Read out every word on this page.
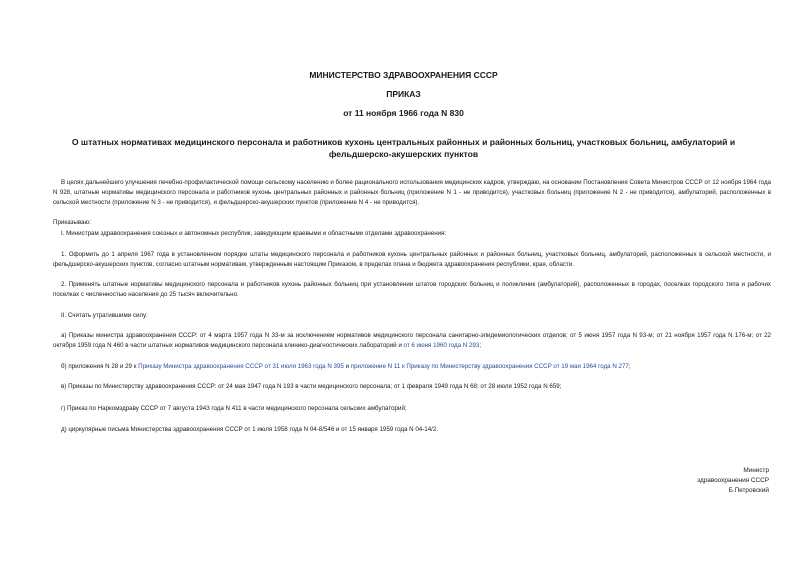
МИНИСТЕРСТВО ЗДРАВООХРАНЕНИЯ СССР
ПРИКАЗ
от 11 ноября 1966 года N 830
О штатных нормативах медицинского персонала и работников кухонь центральных районных и районных больниц, участковых больниц, амбулаторий и фельдшерско-акушерских пунктов
В целях дальнейшего улучшения лечебно-профилактической помощи сельскому населению и более рационального использования медицинских кадров, утверждаю, на основании Постановления Совета Министров СССР от 12 ноября 1964 года N 928, штатные нормативы медицинского персонала и работников кухонь центральных районных и районных больниц (приложение N 1 - не приводится), участковых больниц (приложение N 2 - не приводится), амбулаторий, расположенных в сельской местности (приложение N 3 - не приводится), и фельдшерско-акушерских пунктов (приложение N 4 - не приводится).
Приказываю:
I. Министрам здравоохранения союзных и автономных республик, заведующим краевыми и областными отделами здравоохранения:
1. Оформить до 1 апреля 1967 года в установленном порядке штаты медицинского персонала и работников кухонь центральных районных и районных больниц, участковых больниц, амбулаторий, расположенных в сельской местности, и фельдшерско-акушерских пунктов, согласно штатным нормативам, утвержденным настоящим Приказом, в пределах плана и бюджета здравоохранения республики, края, области.
2. Применять штатные нормативы медицинского персонала и работников кухонь районных больниц при установлении штатов городских больниц и поликлиник (амбулаторий), расположенных в городах, поселках городского типа и рабочих поселках с численностью населения до 25 тысяч включительно.
II. Считать утратившими силу:
а) Приказы министра здравоохранения СССР: от 4 марта 1957 года N 33-м за исключением нормативов медицинского персонала санитарно-эпидемиологических отделов; от 5 июня 1957 года N 93-м; от 21 ноября 1957 года N 176-м; от 22 октября 1959 года N 460 в части штатных нормативов медицинского персонала клинико-диагностических лабораторий и от 6 июня 1960 года N 293;
б) приложения N 28 и 29 к Приказу Министра здравоохранения СССР от 31 июля 1963 года N 395 и приложение N 11 к Приказу по Министерству здравоохранения СССР от 19 мая 1964 года N 277;
в) Приказы по Министерству здравоохранения СССР: от 24 мая 1947 года N 193 в части медицинского персонала; от 1 февраля 1949 года N 68; от 28 июля 1952 года N 659;
г) Приказ по Наркомздраву СССР от 7 августа 1943 года N 411 в части медицинского персонала сельских амбулаторий;
д) циркулярные письма Министерства здравоохранения СССР от 1 июля 1958 года N 04-8/546 и от 15 января 1959 года N 04-14/2.
Министр
здравоохранения СССР
Б.Петровский
